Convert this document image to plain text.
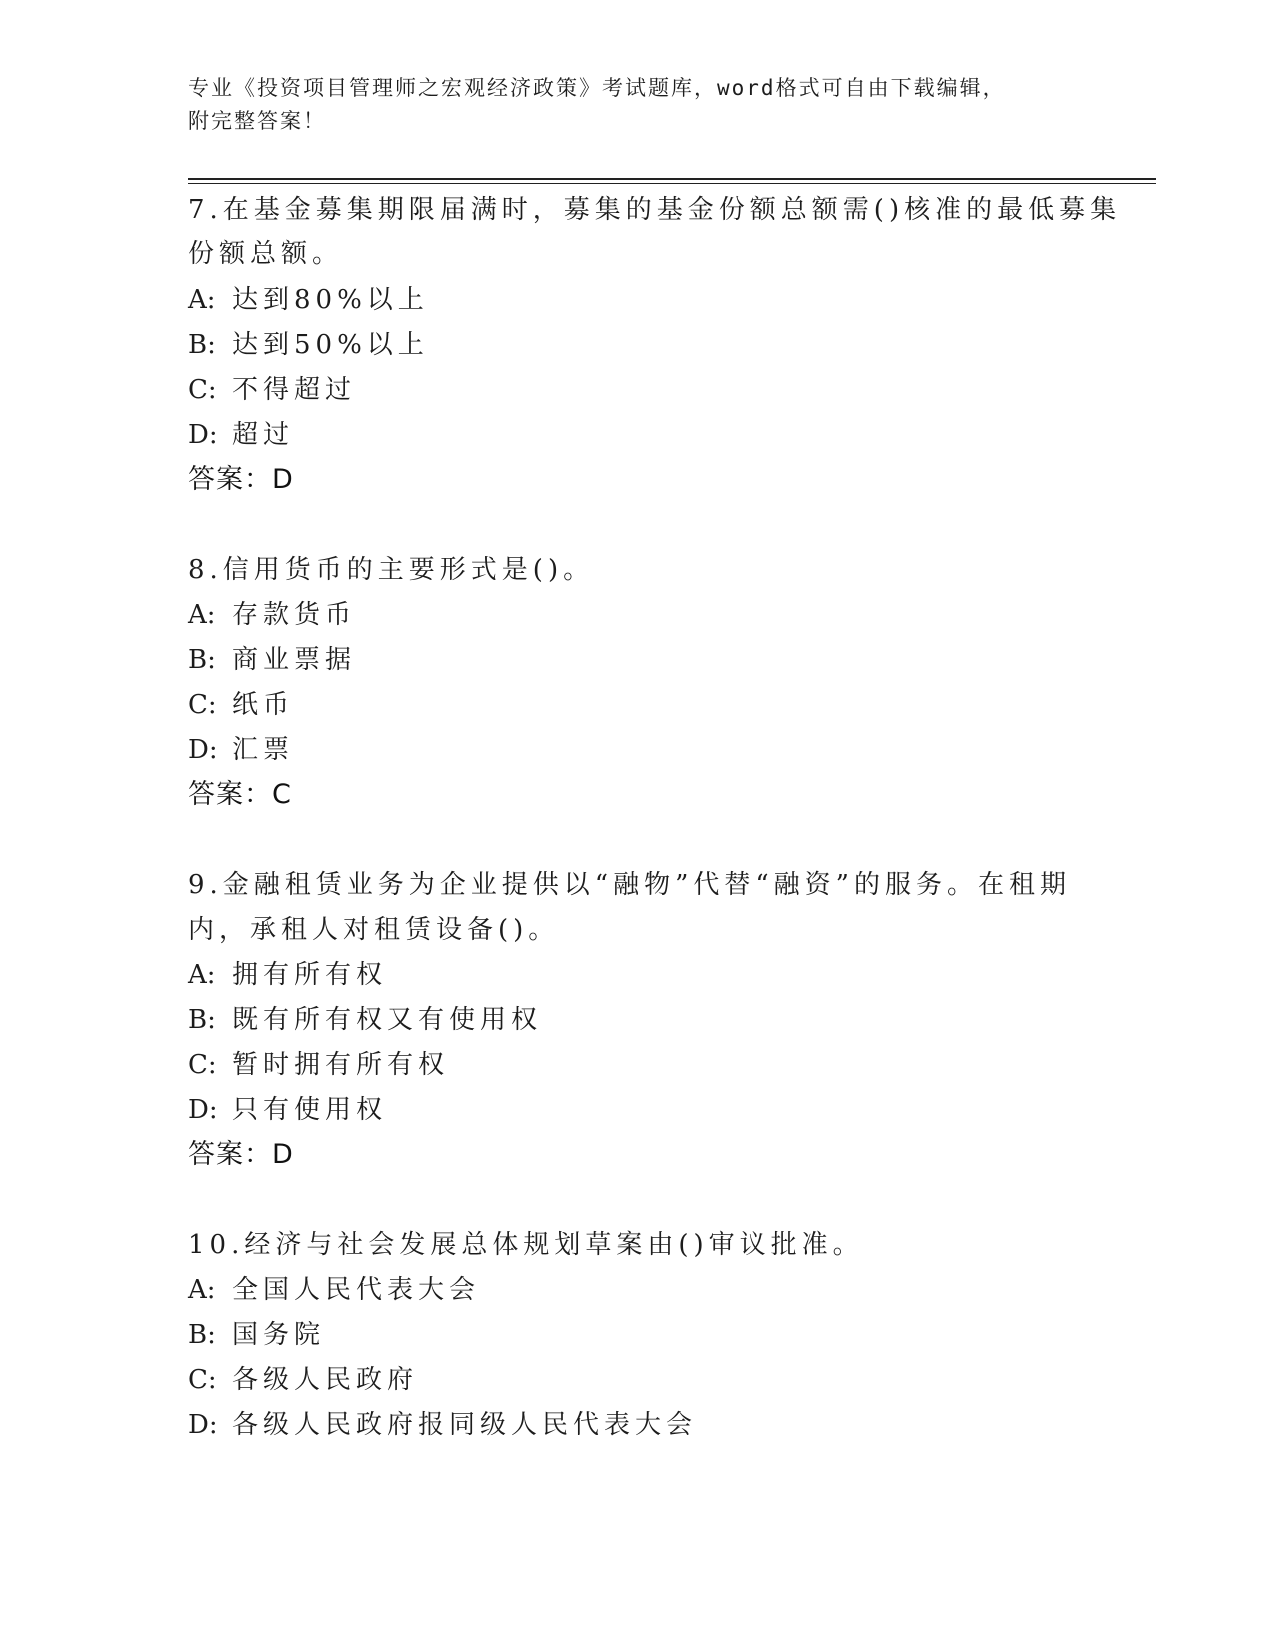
专业《投资项目管理师之宏观经济政策》考试题库，word格式可自由下载编辑，
附完整答案！
7.在基金募集期限届满时，募集的基金份额总额需()核准的最低募集
份额总额。
A: 达到80%以上
B: 达到50%以上
C: 不得超过
D: 超过
答案：D
8.信用货币的主要形式是()。
A: 存款货币
B: 商业票据
C: 纸币
D: 汇票
答案：C
9.金融租赁业务为企业提供以“融物”代替“融资”的服务。在租期
内，承租人对租赁设备()。
A: 拥有所有权
B: 既有所有权又有使用权
C: 暂时拥有所有权
D: 只有使用权
答案：D
10.经济与社会发展总体规划草案由()审议批准。
A: 全国人民代表大会
B: 国务院
C: 各级人民政府
D: 各级人民政府报同级人民代表大会
